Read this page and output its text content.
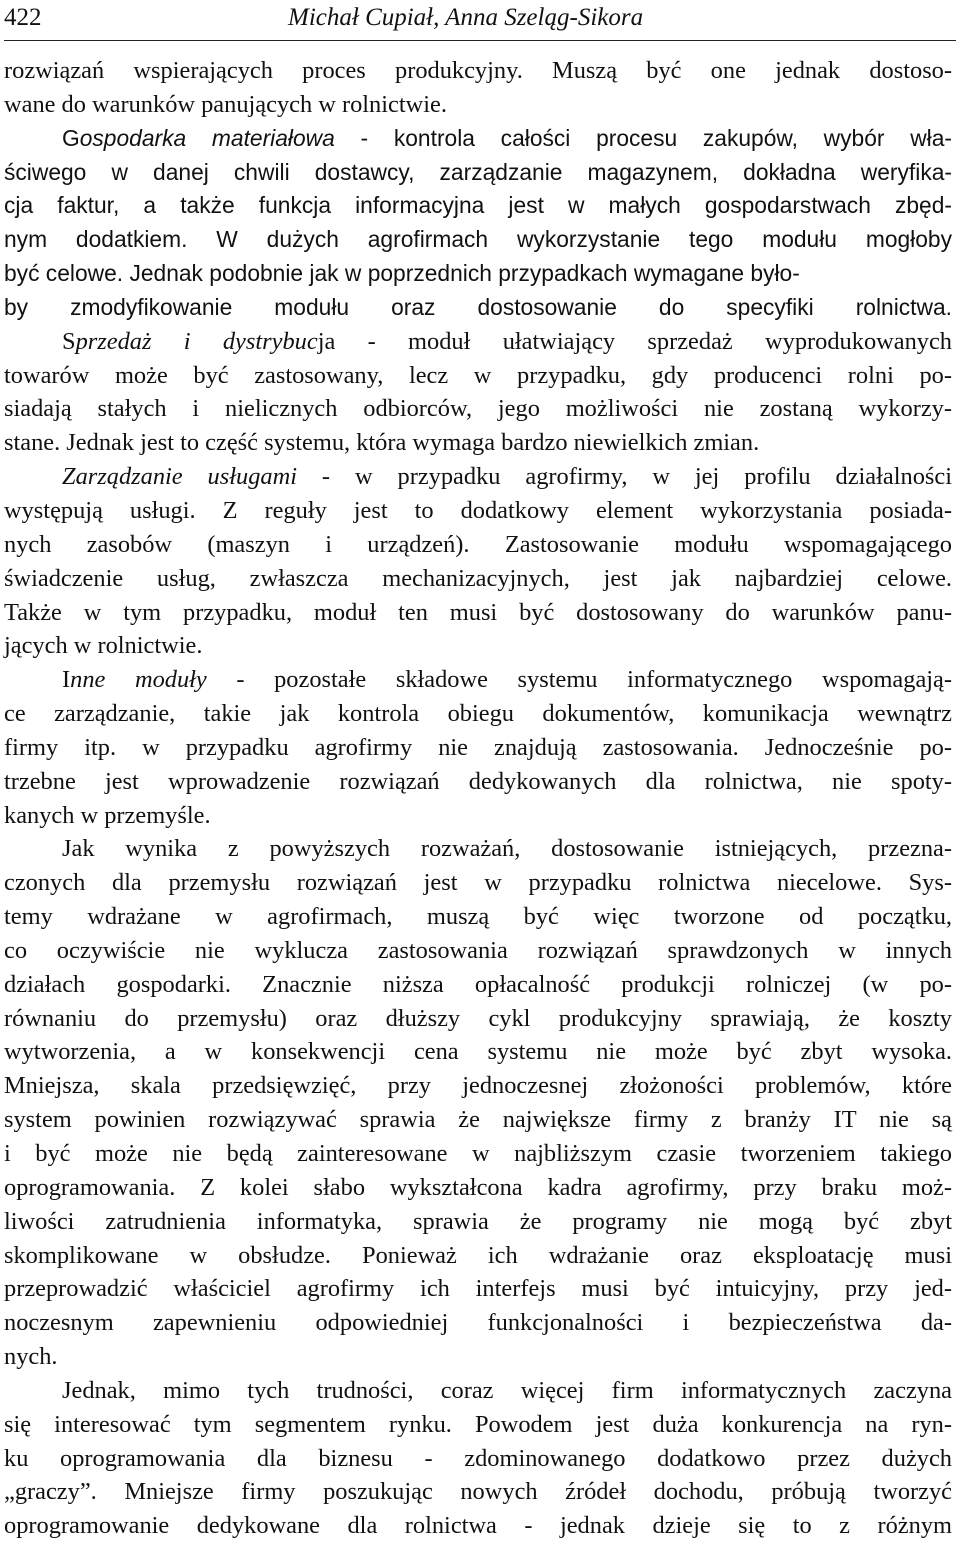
422	Michał Cupiał, Anna Szeląg-Sikora
rozwiązań wspierających proces produkcyjny. Muszą być one jednak dostoso-
wane do warunków panujących w rolnictwie.
Gospodarka materiałowa - kontrola całości procesu zakupów, wybór wła-
ściwego w danej chwili dostawcy, zarządzanie magazynem, dokładna weryfika-
cja faktur, a także funkcja informacyjna jest w małych gospodarstwach zbęd-
nym dodatkiem. W dużych agrofirmach wykorzystanie tego modułu mogłoby
być celowe. Jednak podobnie jak w poprzednich przypadkach wymagane było-
by zmodyfikowanie modułu oraz dostosowanie do specyfiki rolnictwa.
Sprzedaż i dystrybucja - moduł ułatwiający sprzedaż wyprodukowanych
towarów może być zastosowany, lecz w przypadku, gdy producenci rolni po-
siadają stałych i nielicznych odbiorców, jego możliwości nie zostaną wykorzy-
stane. Jednak jest to część systemu, która wymaga bardzo niewielkich zmian.
Zarządzanie usługami - w przypadku agrofirmy, w jej profilu działalności
występują usługi. Z reguły jest to dodatkowy element wykorzystania posiada-
nych zasobów (maszyn i urządzeń). Zastosowanie modułu wspomagającego
świadczenie usług, zwłaszcza mechanizacyjnych, jest jak najbardziej celowe.
Także w tym przypadku, moduł ten musi być dostosowany do warunków panu-
jących w rolnictwie.
Inne moduły - pozostałe składowe systemu informatycznego wspomagają-
ce zarządzanie, takie jak kontrola obiegu dokumentów, komunikacja wewnątrz
firmy itp. w przypadku agrofirmy nie znajdują zastosowania. Jednocześnie po-
trzebne jest wprowadzenie rozwiązań dedykowanych dla rolnictwa, nie spoty-
kanych w przemyśle.
Jak wynika z powyższych rozważań, dostosowanie istniejących, przezna-
czonych dla przemysłu rozwiązań jest w przypadku rolnictwa niecelowe. Sys-
temy wdrażane w agrofirmach, muszą być więc tworzone od początku,
co oczywiście nie wyklucza zastosowania rozwiązań sprawdzonych w innych
działach gospodarki. Znacznie niższa opłacalność produkcji rolniczej (w po-
równaniu do przemysłu) oraz dłuższy cykl produkcyjny sprawiają, że koszty
wytworzenia, a w konsekwencji cena systemu nie może być zbyt wysoka.
Mniejsza, skala przedsięwzięć, przy jednoczesnej złożoności problemów, które
system powinien rozwiązywać sprawia że największe firmy z branży IT nie są
i być może nie będą zainteresowane w najbliższym czasie tworzeniem takiego
oprogramowania. Z kolei słabo wykształcona kadra agrofirmy, przy braku moż-
liwości zatrudnienia informatyka, sprawia że programy nie mogą być zbyt
skomplikowane w obsłudze. Ponieważ ich wdrażanie oraz eksploatację musi
przeprowadzić właściciel agrofirmy ich interfejs musi być intuicyjny, przy jed-
noczesnym zapewnieniu odpowiedniej funkcjonalności i bezpieczeństwa da-
nych.
Jednak, mimo tych trudności, coraz więcej firm informatycznych zaczyna
się interesować tym segmentem rynku. Powodem jest duża konkurencja na ryn-
ku oprogramowania dla biznesu - zdominowanego dodatkowo przez dużych
„graczy”. Mniejsze firmy poszukując nowych źródeł dochodu, próbują tworzyć
oprogramowanie dedykowane dla rolnictwa - jednak dzieje się to z różnym
